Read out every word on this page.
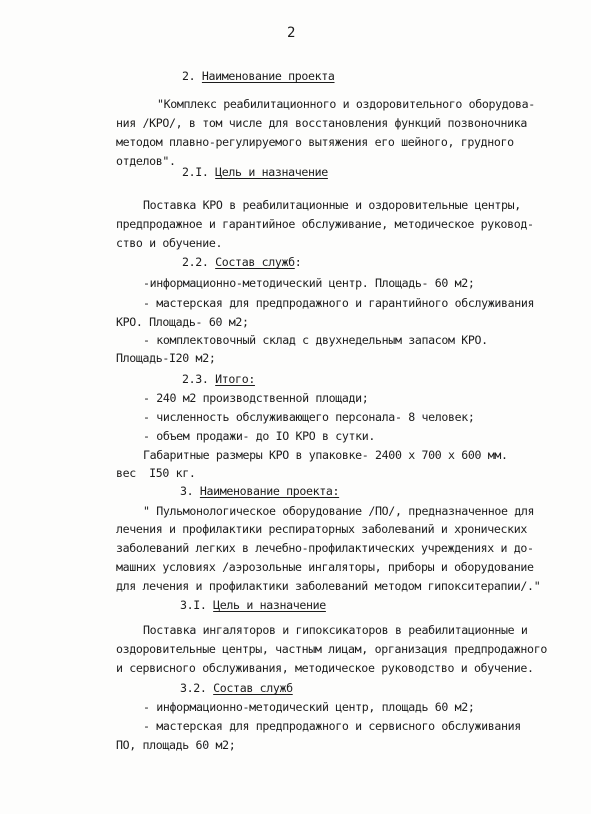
2
2. Наименование проекта
"Комплекс реабилитационного и оздоровительного оборудова-
ния /КРО/, в том числе для восстановления функций позвоночника
методом плавно-регулируемого вытяжения его шейного, грудного
отделов".
2.I. Цель и назначение
Поставка КРО в реабилитационные и оздоровительные центры,
предпродажное и гарантийное обслуживание, методическое руковод-
ство и обучение.
2.2. Состав служб:
-информационно-методический центр. Площадь- 60 м2;
- мастерская для предпродажного и гарантийного обслуживания
КРО. Площадь- 60 м2;
- комплектовочный склад с двухнедельным запасом КРО.
Площадь-I20 м2;
2.3. Итого:
- 240 м2 производственной площади;
- численность обслуживающего персонала- 8 человек;
- объем продажи- до IO КРО в сутки.
Габаритные размеры КРО в упаковке- 2400 х 700 х 600 мм.
вес  I50 кг.
3. Наименование проекта:
" Пульмонологическое оборудование /ПО/, предназначенное для
лечения и профилактики респираторных заболеваний и хронических
заболеваний легких в лечебно-профилактических учреждениях и до-
машних условиях /аэрозольные ингаляторы, приборы и оборудование
для лечения и профилактики заболеваний методом гипокситерапии/."
3.I. Цель и назначение
Поставка ингаляторов и гипоксикаторов в реабилитационные и
оздоровительные центры, частным лицам, организация предпродажного
и сервисного обслуживания, методическое руководство и обучение.
3.2. Состав служб
- информационно-методический центр, площадь 60 м2;
- мастерская для предпродажного и сервисного обслуживания
ПО, площадь 60 м2;
